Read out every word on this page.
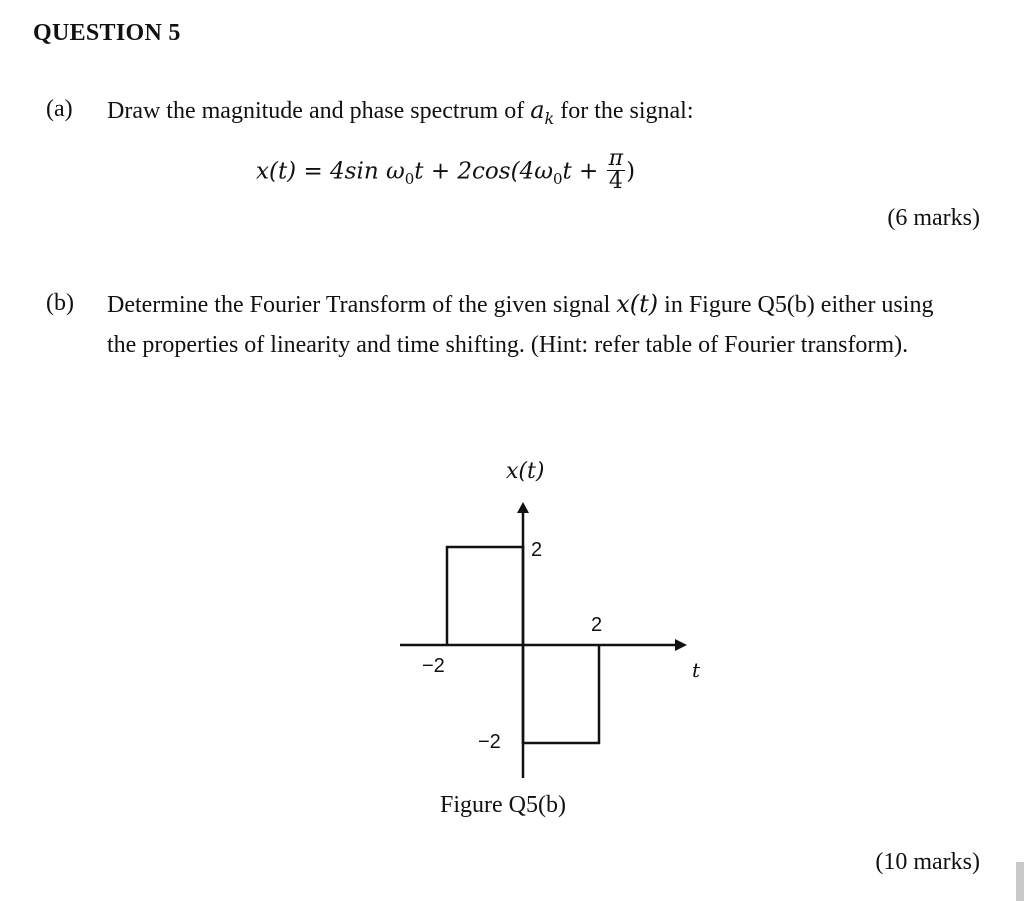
QUESTION 5
(a) Draw the magnitude and phase spectrum of $a_k$ for the signal:
x(t) = 4sin $\omega_0t + 2\cos(4\omega_0t + \frac{\pi}{4}$ )
(6 marks)
(b) Determine the Fourier Transform of the given signal x(t) in Figure Q5(b) either using
the properties of linearity and time shifting. (Hint: refer table of Fourier transform).
2
2
−2
−2
x(t)
t
Figure Q5(b)
(10 marks)
